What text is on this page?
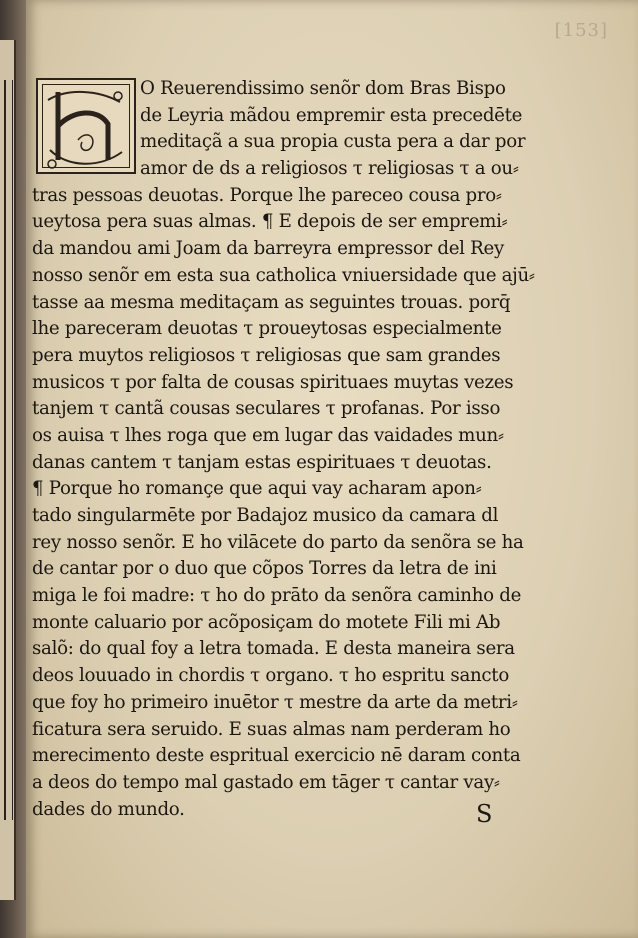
[153]
O Reuerendissimo senõr dom Bras Bispo
de Leyria mãdou empremir esta precedēte
meditaçã a sua propia custa pera a dar por
amor de ds a religiosos τ religiosas τ a ou⸗
tras pessoas deuotas. Porque lhe pareceo cousa pro⸗
ueytosa pera suas almas. ¶ E depois de ser empremi⸗
da mandou ami Joam da barreyra empressor del Rey
nosso senõr em esta sua catholica vniuersidade que ajū⸗
tasse aa mesma meditaçam as seguintes trouas. porq̄
lhe pareceram deuotas τ proueytosas especialmente
pera muytos religiosos τ religiosas que sam grandes
musicos τ por falta de cousas spirituaes muytas vezes
tanjem τ cantã cousas seculares τ profanas. Por isso
os auisa τ lhes roga que em lugar das vaidades mun⸗
danas cantem τ tanjam estas espirituaes τ deuotas.
¶ Porque ho romançe que aqui vay acharam apon⸗
tado singularmēte por Badajoz musico da camara dl
rey nosso senõr. E ho vilācete do parto da senõra se ha
de cantar por o duo que cõpos Torres da letra de ini
miga le foi madre: τ ho do prāto da senõra caminho de
monte caluario por acõposiçam do motete Fili mi Ab
salõ: do qual foy a letra tomada. E desta maneira sera
deos louuado in chordis τ organo. τ ho espritu sancto
que foy ho primeiro inuētor τ mestre da arte da metri⸗
ficatura sera seruido. E suas almas nam perderam ho
merecimento deste espritual exercicio nē daram conta
a deos do tempo mal gastado em tāger τ cantar vay⸗
dades do mundo.	S
